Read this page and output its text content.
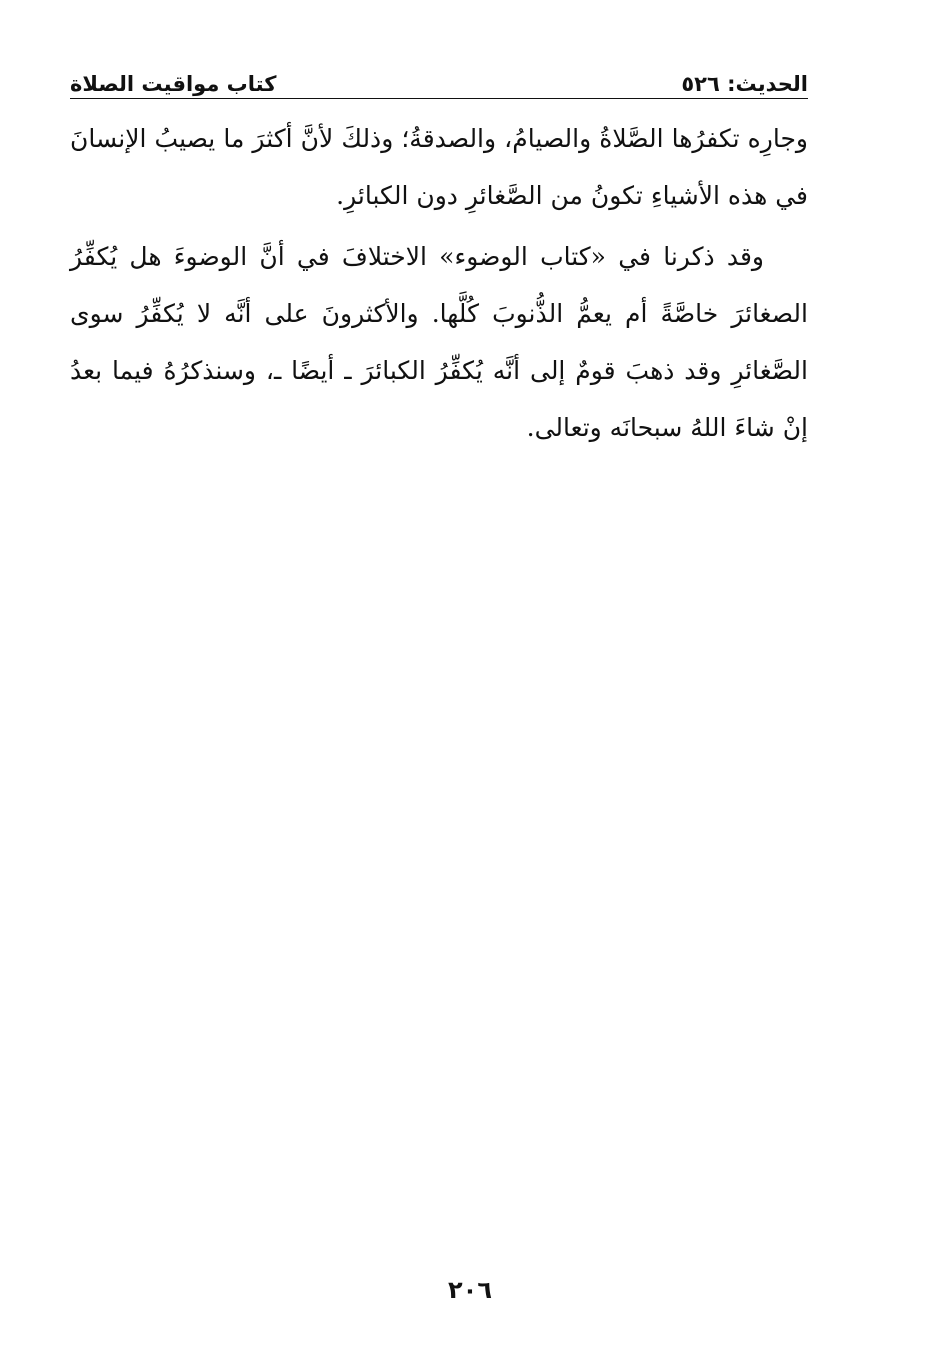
الحديث: ٥٢٦
كتاب مواقيت الصلاة

وجارِه تكفرُها الصَّلاةُ والصيامُ، والصدقةُ؛ وذلكَ لأنَّ أكثرَ ما يصيبُ الإنسانَ في هذه الأشياءِ تكونُ من الصَّغائرِ دون الكبائرِ.

وقد ذكرنا في «كتاب الوضوء» الاختلافَ في أنَّ الوضوءَ هل يُكفِّرُ الصغائرَ خاصَّةً أم يعمُّ الذُّنوبَ كُلَّها. والأكثرونَ على أنَّه لا يُكفِّرُ سوى الصَّغائرِ وقد ذهبَ قومٌ إلى أنَّه يُكفِّرُ الكبائرَ ـ أيضًا ـ، وسنذكرُهُ فيما بعدُ إنْ شاءَ اللهُ سبحانَه وتعالى.

٢٠٦
